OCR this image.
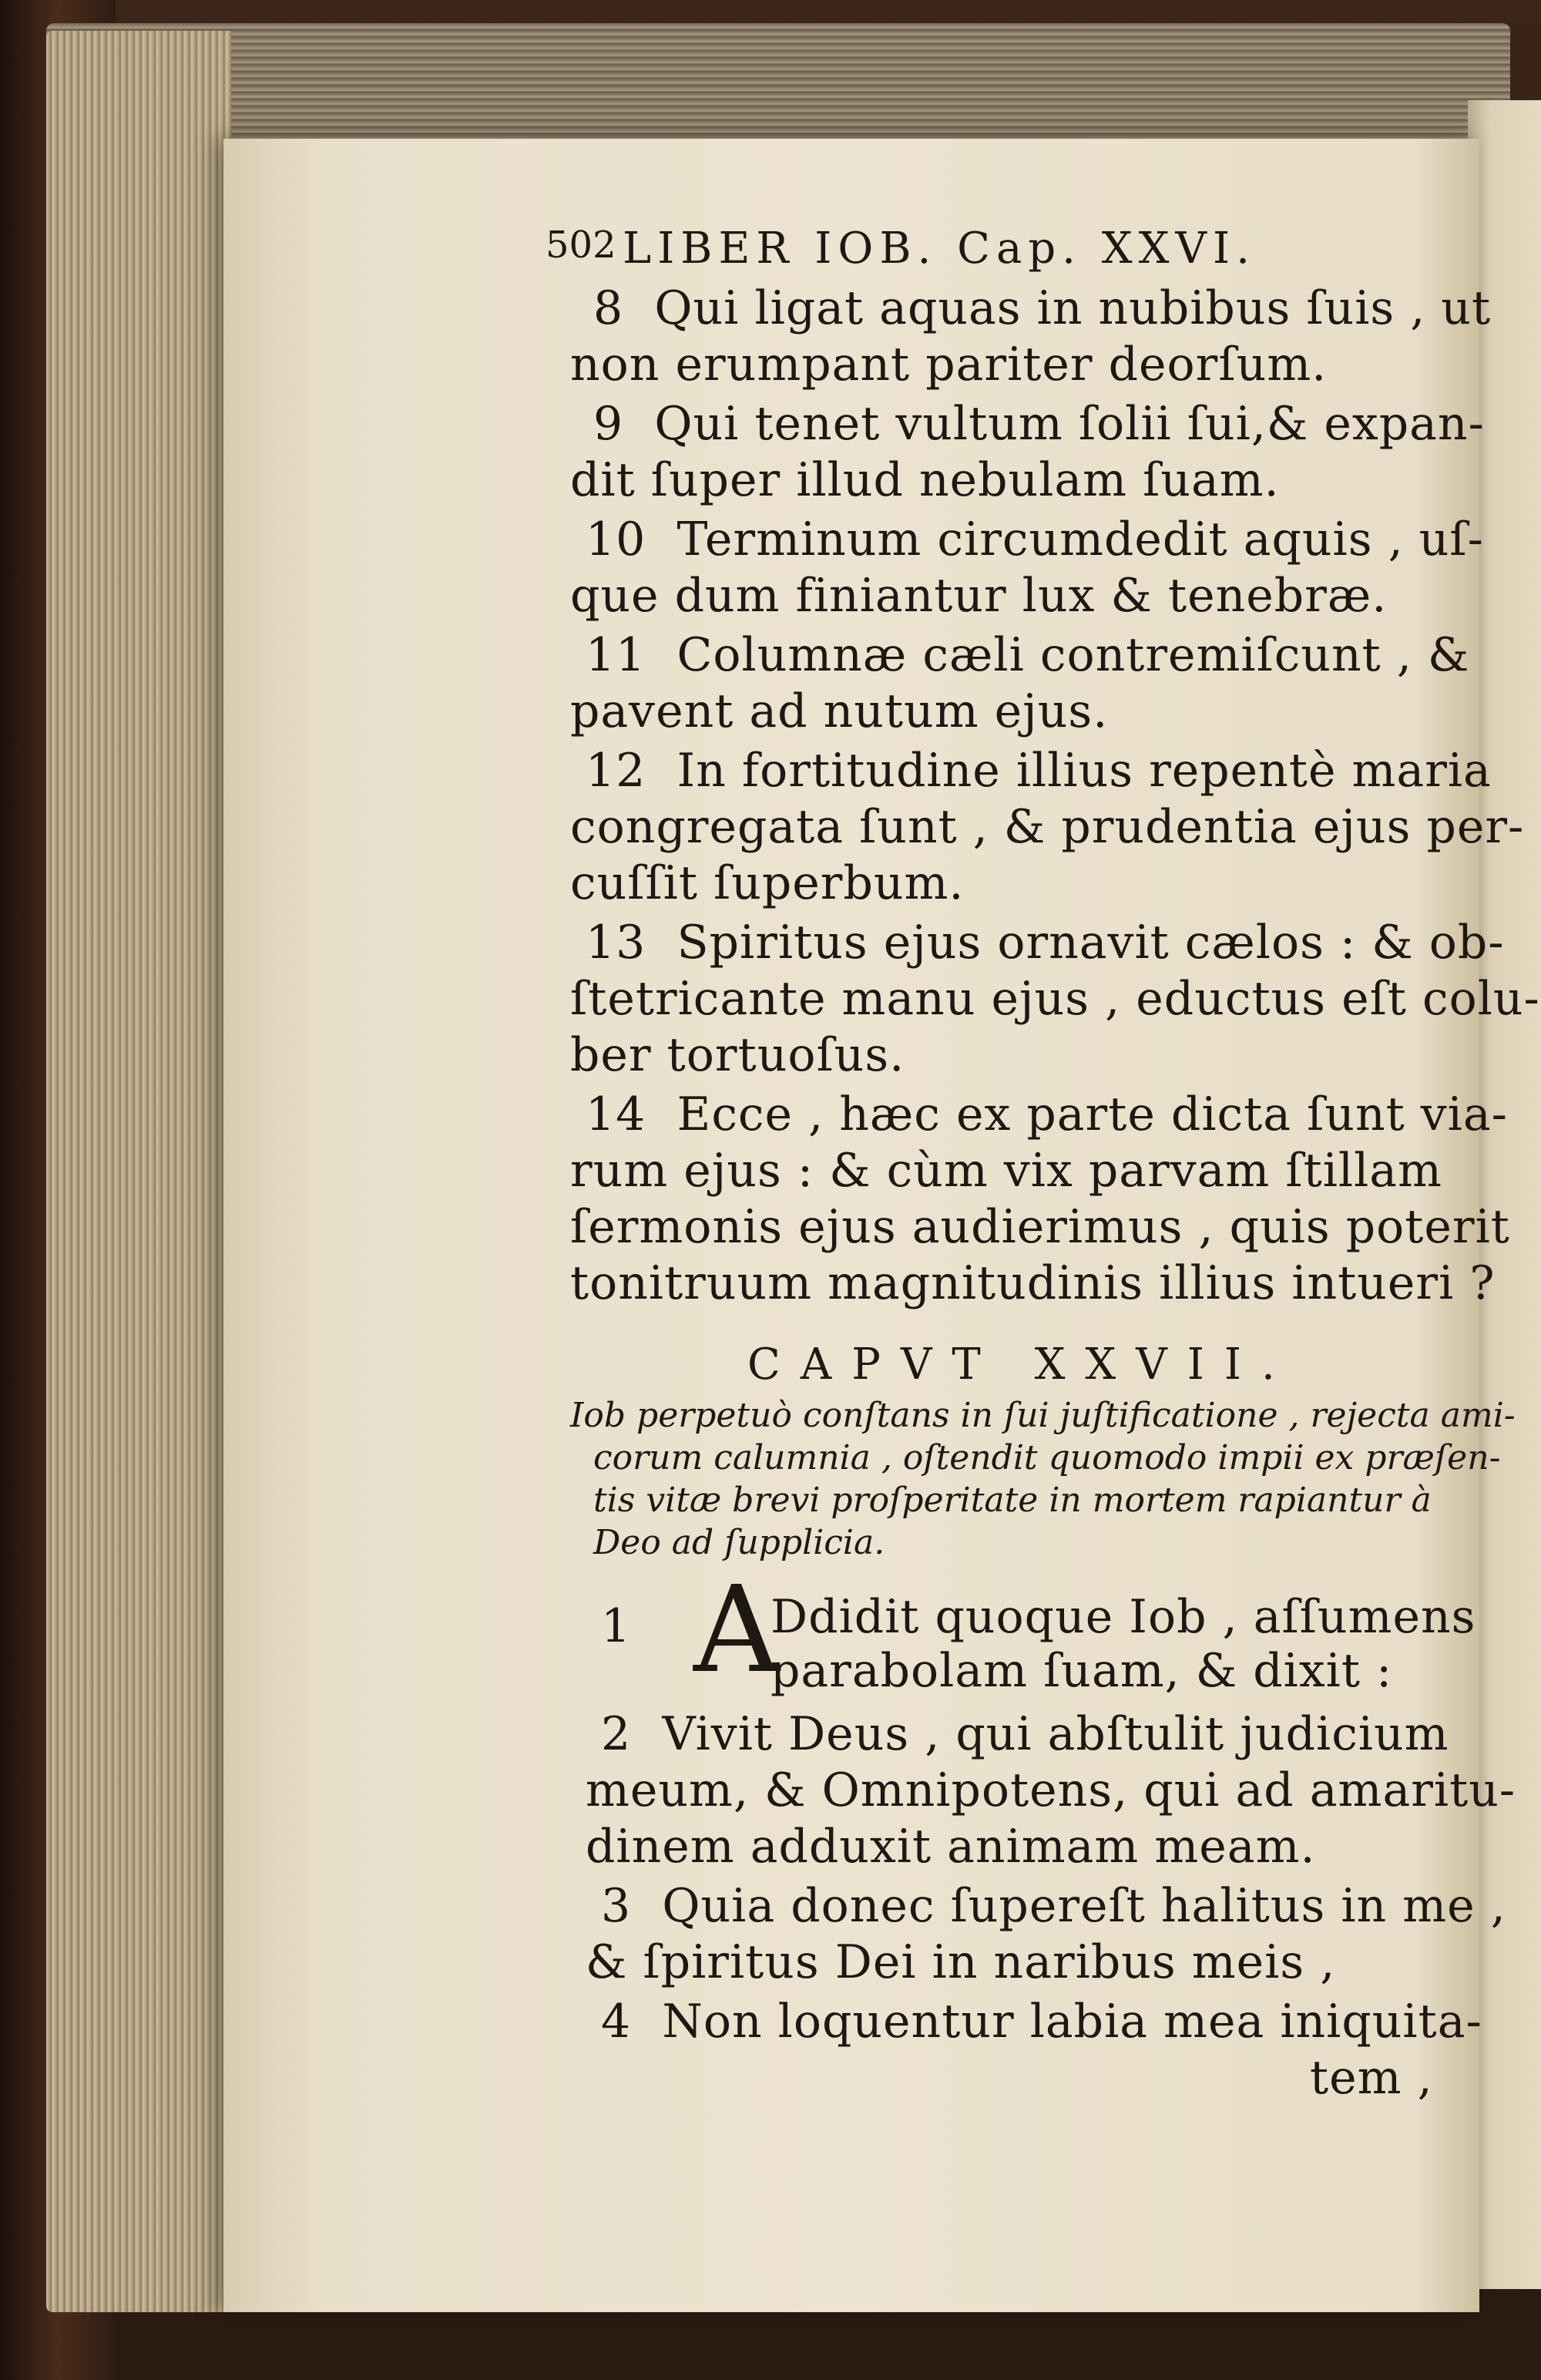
502 LIBER IOB. Cap. XXVI.
8 Qui ligat aquas in nubibus ſuis , ut
non erumpant pariter deorſum.
9 Qui tenet vultum ſolii ſui,& expan-
dit ſuper illud nebulam ſuam.
10 Terminum circumdedit aquis , uſ-
que dum finiantur lux & tenebræ.
11 Columnæ cæli contremiſcunt , &
pavent ad nutum ejus.
12 In fortitudine illius repentè maria
congregata ſunt , & prudentia ejus per-
cuſſit ſuperbum.
13 Spiritus ejus ornavit cælos : & ob-
ſtetricante manu ejus , eductus eſt colu-
ber tortuoſus.
14 Ecce , hæc ex parte dicta ſunt via-
rum ejus : & cùm vix parvam ſtillam
ſermonis ejus audierimus , quis poterit
tonitruum magnitudinis illius intueri ?
CAPVT XXVII.
Iob perpetuò conſtans in ſui juſtificatione , rejecta ami-
corum calumnia , oſtendit quomodo impii ex præſen-
tis vitæ brevi proſperitate in mortem rapiantur à
Deo ad ſupplicia.
1 A
Ddidit quoque Iob , aſſumens
parabolam ſuam, & dixit :
2 Vivit Deus , qui abſtulit judicium
meum, & Omnipotens, qui ad amaritu-
dinem adduxit animam meam.
3 Quia donec ſupereſt halitus in me ,
& ſpiritus Dei in naribus meis ,
4 Non loquentur labia mea iniquita-
tem ,
